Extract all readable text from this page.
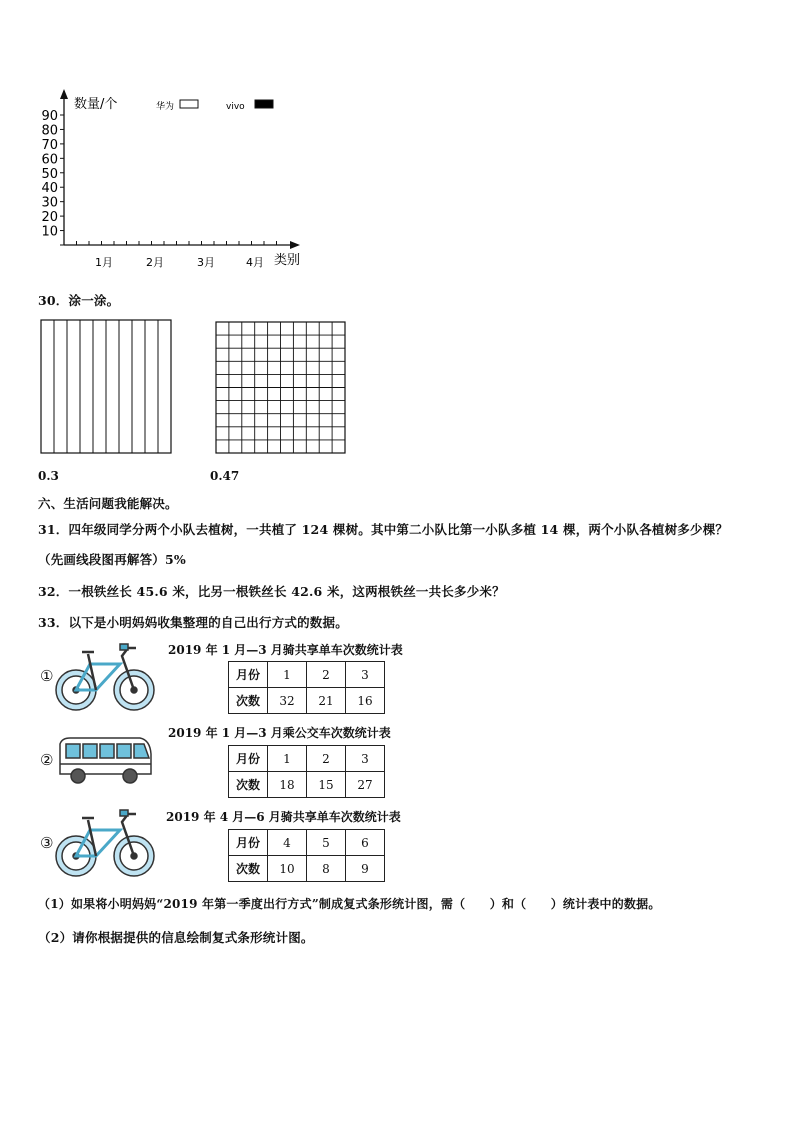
10
20
30
40
50
60
70
80
90
1月	2月	3月	4月
数量/个
类别
华为	vivo
30．涂一涂。
0.3	0.47
六、生活问题我能解决。
31．四年级同学分两个小队去植树，一共植了 124 棵树。其中第二小队比第一小队多植 14 棵，两个小队各植树多少棵？
（先画线段图再解答）5%
32．一根铁丝长 45.6 米，比另一根铁丝长 42.6 米，这两根铁丝一共长多少米？
33．以下是小明妈妈收集整理的自己出行方式的数据。
①
2019 年 1 月—3 月骑共享单车次数统计表
月份	1	2	3
次数	32	21	16
②
2019 年 1 月—3 月乘公交车次数统计表
月份	1	2	3
次数	18	15	27
③
2019 年 4 月—6 月骑共享单车次数统计表
月份	4	5	6
次数	10	8	9
（1）如果将小明妈妈“2019 年第一季度出行方式”制成复式条形统计图，需（　　）和（　　）统计表中的数据。
（2）请你根据提供的信息绘制复式条形统计图。
